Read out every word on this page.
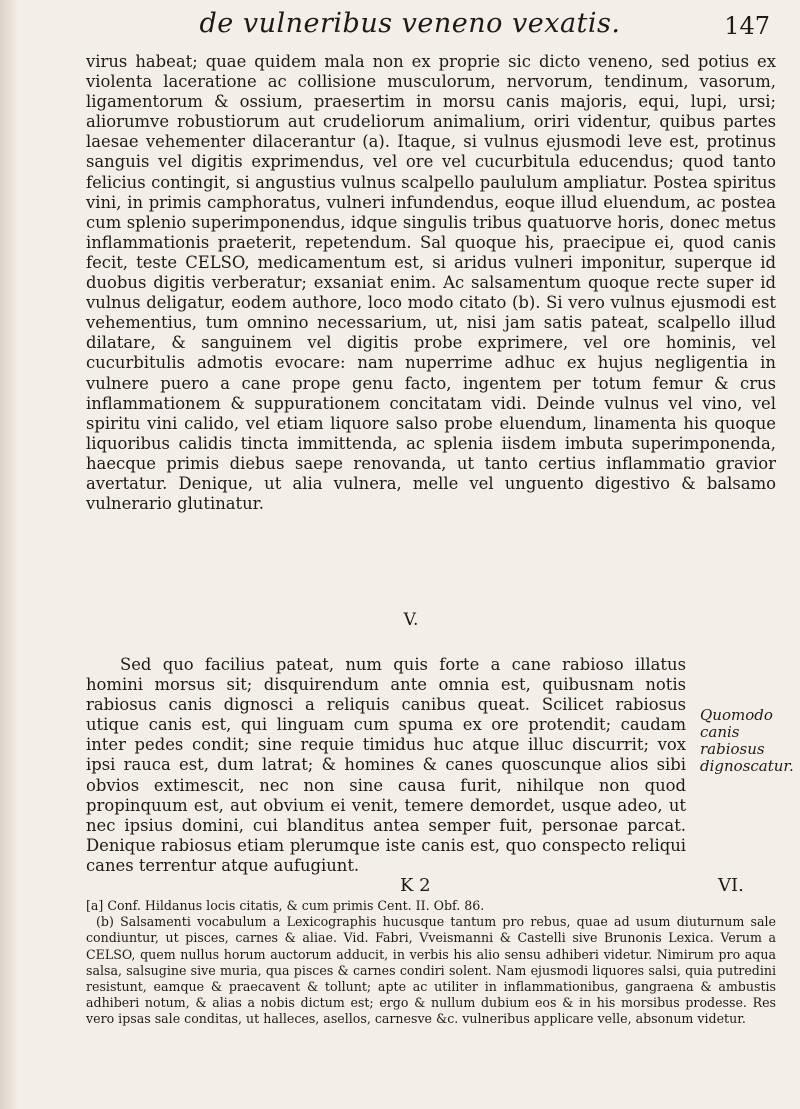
de vulneribus veneno vexatis.	147

virus habeat; quae quidem mala non ex proprie sic dicto veneno, sed potius ex violenta laceratione ac collisione musculorum, nervorum, tendinum, vasorum, ligamentorum & ossium, praesertim in morsu canis majoris, equi, lupi, ursi; aliorumve robustiorum aut crudeliorum animalium, oriri videntur, quibus partes laesae vehementer dilacerantur (a). Itaque, si vulnus ejusmodi leve est, protinus sanguis vel digitis exprimendus, vel ore vel cucurbitula educendus; quod tanto felicius contingit, si angustius vulnus scalpello paululum ampliatur. Postea spiritus vini, in primis camphoratus, vulneri infundendus, eoque illud eluendum, ac postea cum splenio superimponendus, idque singulis tribus quatuorve horis, donec metus inflammationis praeterit, repetendum. Sal quoque his, praecipue ei, quod canis fecit, teste CELSO, medicamentum est, si aridus vulneri imponitur, superque id duobus digitis verberatur; exsaniat enim. Ac salsamentum quoque recte super id vulnus deligatur, eodem authore, loco modo citato (b). Si vero vulnus ejusmodi est vehementius, tum omnino necessarium, ut, nisi jam satis pateat, scalpello illud dilatare, & sanguinem vel digitis probe exprimere, vel ore hominis, vel cucurbitulis admotis evocare: nam nuperrime adhuc ex hujus negligentia in vulnere puero a cane prope genu facto, ingentem per totum femur & crus inflammationem & suppurationem concitatam vidi. Deinde vulnus vel vino, vel spiritu vini calido, vel etiam liquore salso probe eluendum, linamenta his quoque liquoribus calidis tincta immittenda, ac splenia iisdem imbuta superimponenda, haecque primis diebus saepe renovanda, ut tanto certius inflammatio gravior avertatur. Denique, ut alia vulnera, melle vel unguento digestivo & balsamo vulnerario glutinatur.

V.

Sed quo facilius pateat, num quis forte a cane rabioso illatus homini morsus sit; disquirendum ante omnia est, quibusnam notis rabiosus canis dignosci a reliquis canibus queat. Scilicet rabiosus utique canis est, qui linguam cum spuma ex ore protendit; caudam inter pedes condit; sine requie timidus huc atque illuc discurrit; vox ipsi rauca est, dum latrat; & homines & canes quoscunque alios sibi obvios extimescit, nec non sine causa furit, nihilque non quod propinquum est, aut obvium ei venit, temere demordet, usque adeo, ut nec ipsius domini, cui blanditus antea semper fuit, personae parcat. Denique rabiosus etiam plerumque iste canis est, quo conspecto reliqui canes terrentur atque aufugiunt.

Quomodo canis rabiosus dignoscatur.
K 2	VI.

[a] Conf. Hildanus locis citatis, & cum primis Cent. II. Obf. 86.

(b) Salsamenti vocabulum a Lexicographis hucusque tantum pro rebus, quae ad usum diuturnum sale condiuntur, ut pisces, carnes & aliae. Vid. Fabri, Vveismanni & Castelli sive Brunonis Lexica. Verum a CELSO, quem nullus horum auctorum adducit, in verbis his alio sensu adhiberi videtur. Nimirum pro aqua salsa, salsugine sive muria, qua pisces & carnes condiri solent. Nam ejusmodi liquores salsi, quia putredini resistunt, eamque & praecavent & tollunt; apte ac utiliter in inflammationibus, gangraena & ambustis adhiberi notum, & alias a nobis dictum est; ergo & nullum dubium eos & in his morsibus prodesse. Res vero ipsas sale conditas, ut halleces, asellos, carnesve &c. vulneribus applicare velle, absonum videtur.
